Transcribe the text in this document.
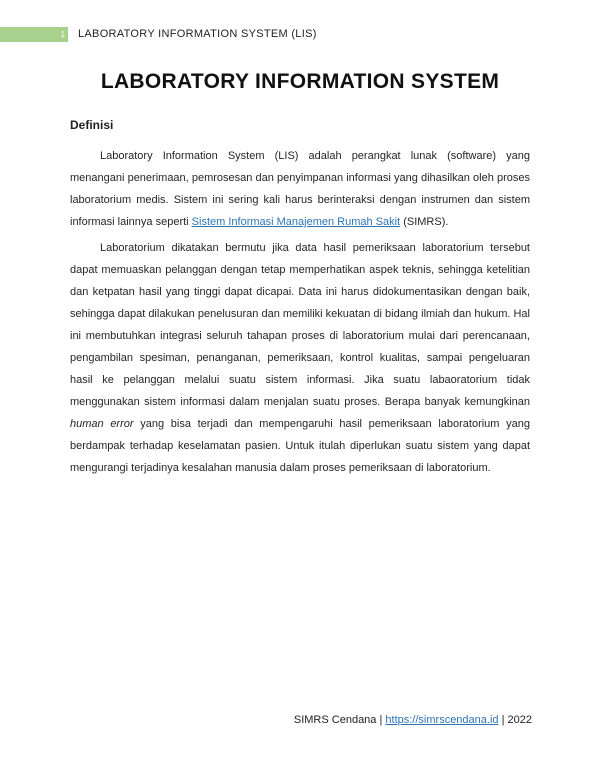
1 LABORATORY INFORMATION SYSTEM (LIS)
LABORATORY INFORMATION SYSTEM
Definisi

Laboratory Information System (LIS) adalah perangkat lunak (software) yang menangani penerimaan, pemrosesan dan penyimpanan informasi yang dihasilkan oleh proses laboratorium medis. Sistem ini sering kali harus berinteraksi dengan instrumen dan sistem informasi lainnya seperti Sistem Informasi Manajemen Rumah Sakit (SIMRS).

Laboratorium dikatakan bermutu jika data hasil pemeriksaan laboratorium tersebut dapat memuaskan pelanggan dengan tetap memperhatikan aspek teknis, sehingga ketelitian dan ketpatan hasil yang tinggi dapat dicapai. Data ini harus didokumentasikan dengan baik, sehingga dapat dilakukan penelusuran dan memiliki kekuatan di bidang ilmiah dan hukum. Hal ini membutuhkan integrasi seluruh tahapan proses di laboratorium mulai dari perencanaan, pengambilan spesiman, penanganan, pemeriksaan, kontrol kualitas, sampai pengeluaran hasil ke pelanggan melalui suatu sistem informasi. Jika suatu labaoratorium tidak menggunakan sistem informasi dalam menjalan suatu proses. Berapa banyak kemungkinan human error yang bisa terjadi dan mempengaruhi hasil pemeriksaan laboratorium yang berdampak terhadap keselamatan pasien. Untuk itulah diperlukan suatu sistem yang dapat mengurangi terjadinya kesalahan manusia dalam proses pemeriksaan di laboratorium.

SIMRS Cendana | https://simrscendana.id | 2022
